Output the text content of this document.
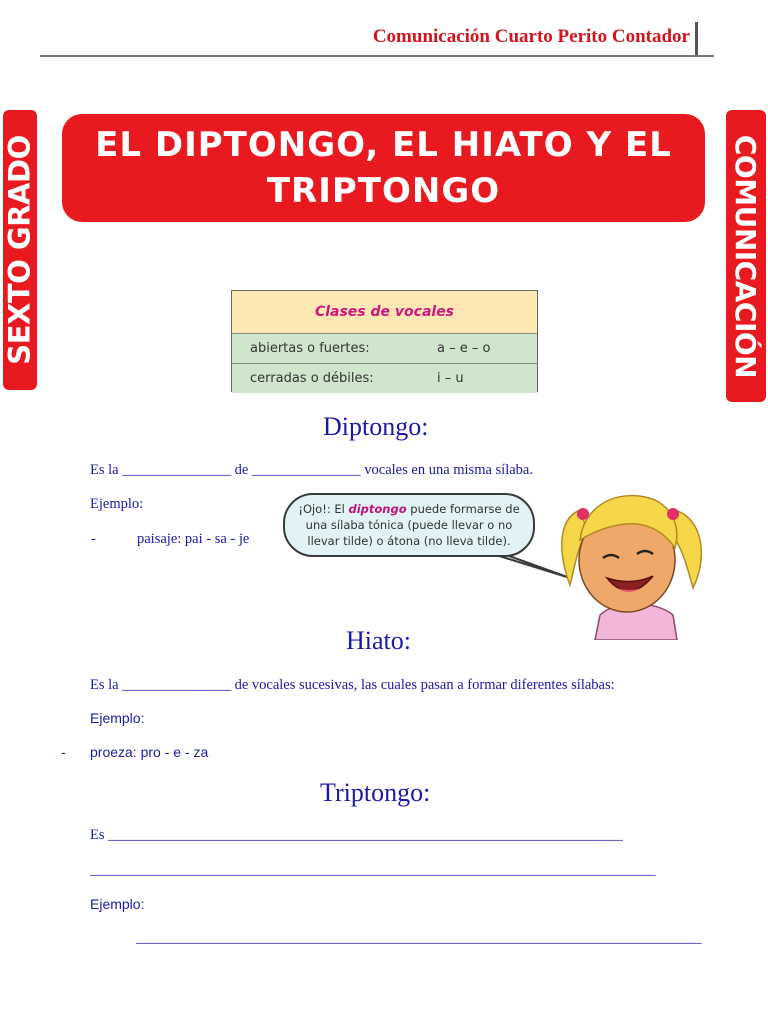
Comunicación Cuarto Perito Contador
SEXTO GRADO	COMUNICACIÓN
EL DIPTONGO, EL HIATO Y EL TRIPTONGO
Clases de vocales
abiertas o fuertes:	a – e – o
cerradas o débiles:	i – u
Diptongo:
Es la _______________ de _______________ vocales en una misma sílaba.
Ejemplo:
-	paisaje: pai - sa - je
¡Ojo!: El diptongo puede formarse de una sílaba tónica (puede llevar o no llevar tilde) o átona (no lleva tilde).
Hiato:
Es la _______________ de vocales sucesivas, las cuales pasan a formar diferentes sílabas:
Ejemplo:
- proeza: pro - e - za
Triptongo:
Es _______________________________________________________________________
______________________________________________________________________________
Ejemplo:
______________________________________________________________________________
